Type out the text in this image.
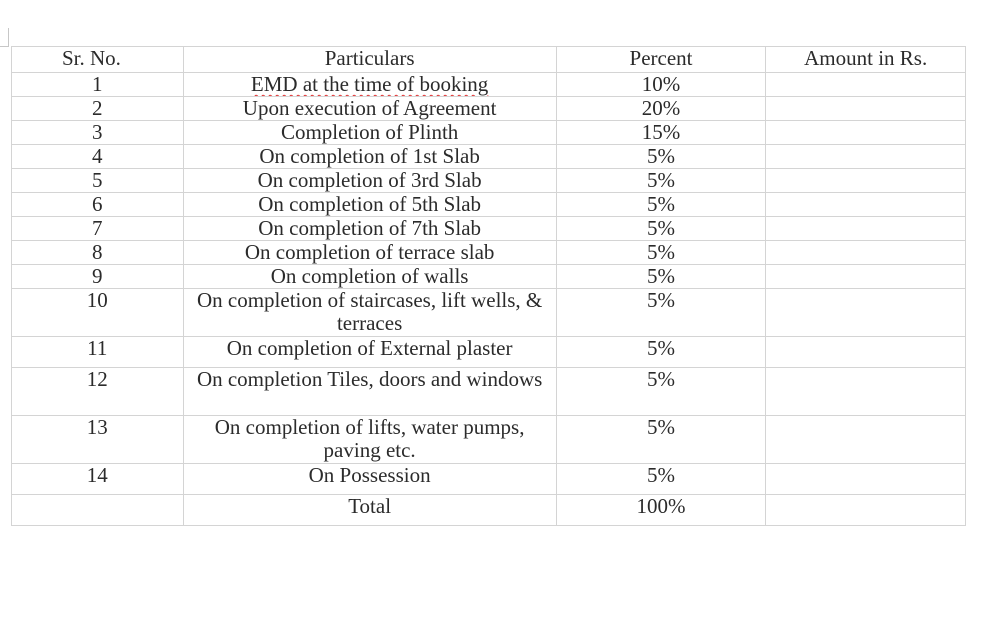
Sr. No.	Particulars	Percent	Amount in Rs.
1	EMD at the time of booking	10%	
2	Upon execution of Agreement	20%	
3	Completion of Plinth	15%	
4	On completion of 1st Slab	5%	
5	On completion of 3rd Slab	5%	
6	On completion of 5th Slab	5%	
7	On completion of 7th Slab	5%	
8	On completion of terrace slab	5%	
9	On completion of walls	5%	
10	On completion of staircases, lift wells, & terraces	5%	
11	On completion of External plaster	5%	
12	On completion Tiles, doors and windows	5%	
13	On completion of lifts, water pumps, paving etc.	5%	
14	On Possession	5%	
	Total	100%	
